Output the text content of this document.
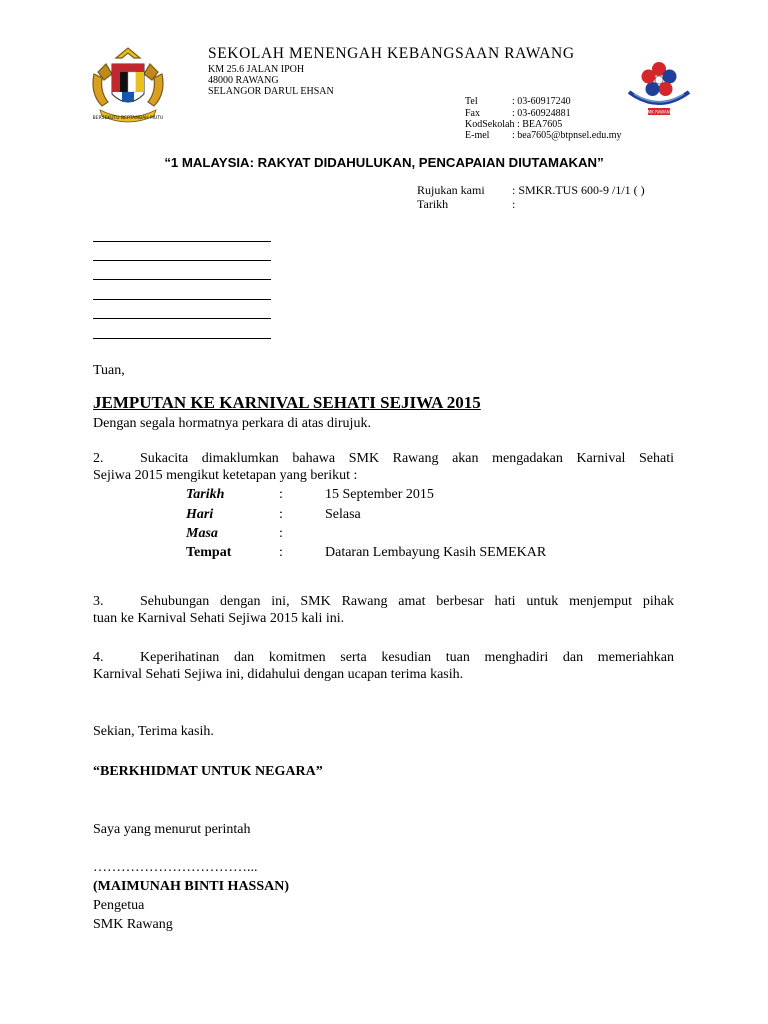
BERSEKUTU BERTAMBAH MUTU
SEKOLAH MENENGAH KEBANGSAAN RAWANG
KM 25.6 JALAN IPOH
48000 RAWANG
SELANGOR DARUL EHSAN
Tel	: 03-60917240
Fax	: 03-60924881
KodSekolah : BEA7605
E-mel : bea7605@btpnsel.edu.my
SMK RAWANG
“1 MALAYSIA: RAKYAT DIDAHULUKAN, PENCAPAIAN DIUTAMAKAN”
Rujukan kami : SMKR.TUS 600-9 /1/1 ( )
Tarikh	:
Tuan,
JEMPUTAN KE KARNIVAL SEHATI SEJIWA 2015
Dengan segala hormatnya perkara di atas dirujuk.
2.	Sukacita dimaklumkan bahawa SMK Rawang akan mengadakan Karnival Sehati
Sejiwa 2015 mengikut ketetapan yang berikut :
Tarikh	:	15 September 2015
Hari	:	Selasa
Masa	:
Tempat	:	Dataran Lembayung Kasih SEMEKAR
3.	Sehubungan dengan ini, SMK Rawang amat berbesar hati untuk menjemput pihak
tuan ke Karnival Sehati Sejiwa 2015 kali ini.
4.	Keperihatinan dan komitmen serta kesudian tuan menghadiri dan memeriahkan
Karnival Sehati Sejiwa ini, didahului dengan ucapan terima kasih.
Sekian, Terima kasih.
“BERKHIDMAT UNTUK NEGARA”
Saya yang menurut perintah
……………………………...
(MAIMUNAH BINTI HASSAN)
Pengetua
SMK Rawang
